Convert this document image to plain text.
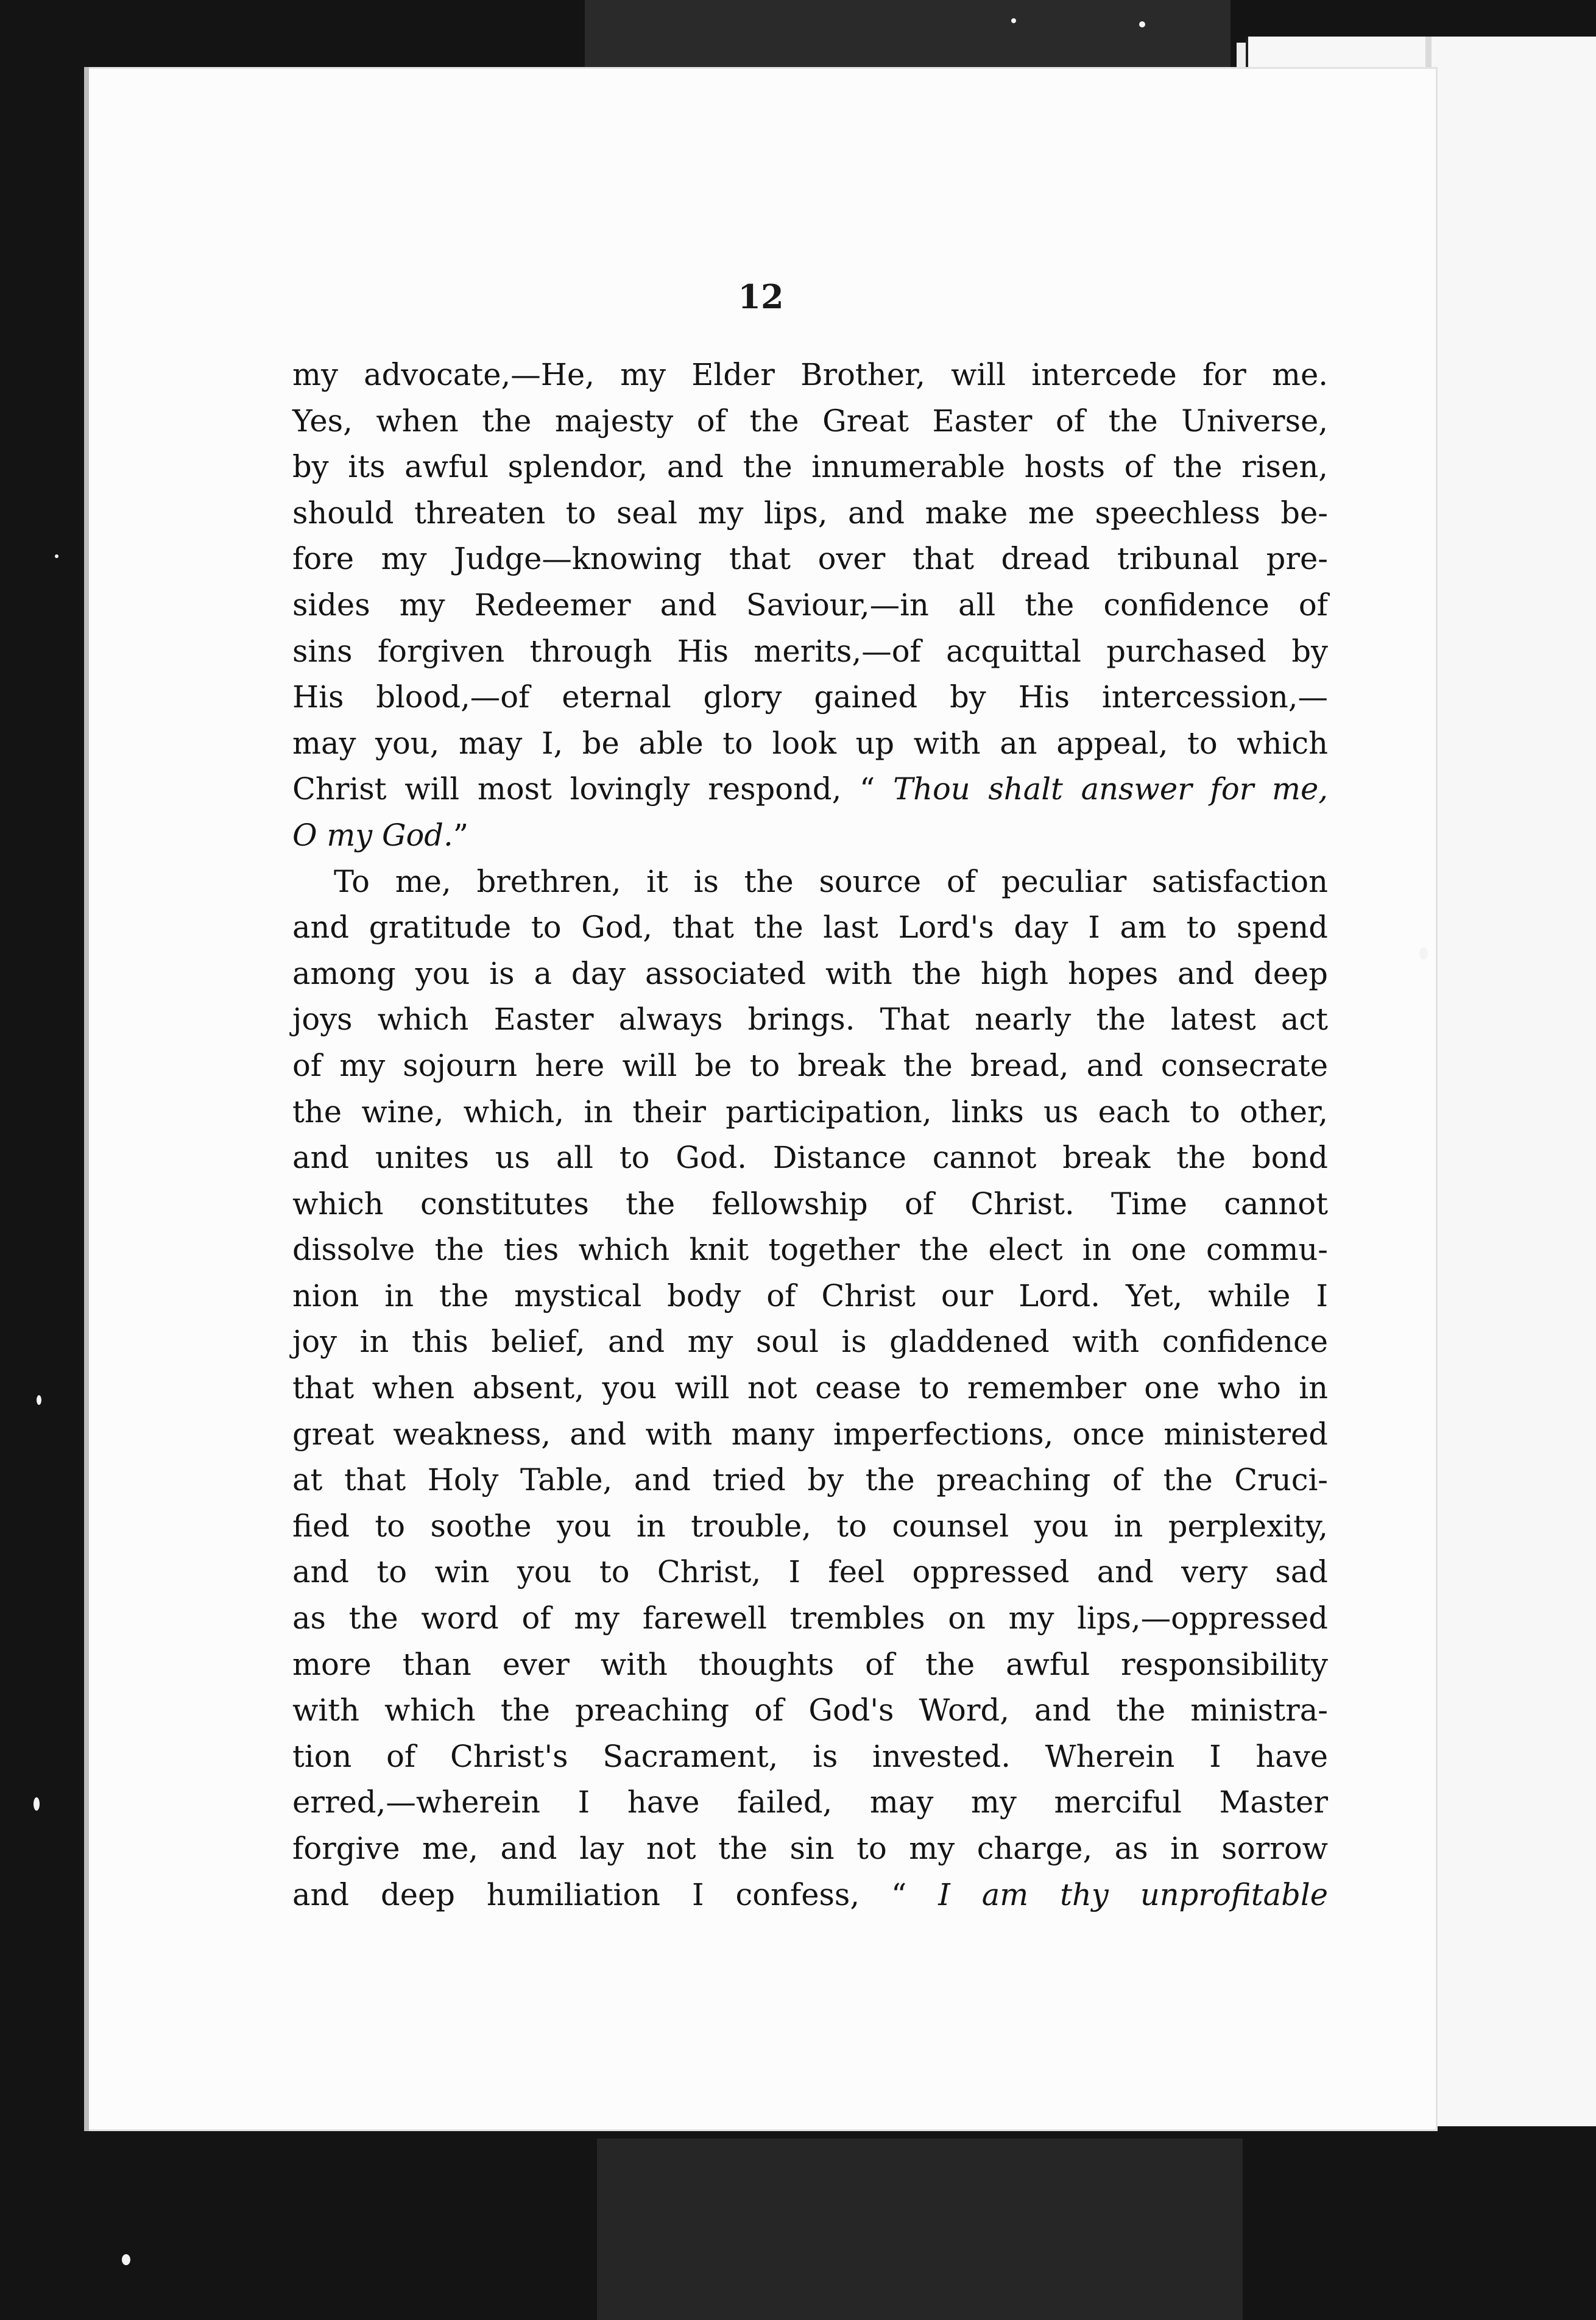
12
my advocate,—He, my Elder Brother, will intercede for me.
Yes, when the majesty of the Great Easter of the Universe,
by its awful splendor, and the innumerable hosts of the risen,
should threaten to seal my lips, and make me speechless be-
fore my Judge—knowing that over that dread tribunal pre-
sides my Redeemer and Saviour,—in all the confidence of
sins forgiven through His merits,—of acquittal purchased by
His blood,—of eternal glory gained by His intercession,—
may you, may I, be able to look up with an appeal, to which
Christ will most lovingly respond, “ Thou shalt answer for me,
O my God.”
To me, brethren, it is the source of peculiar satisfaction
and gratitude to God, that the last Lord's day I am to spend
among you is a day associated with the high hopes and deep
joys which Easter always brings. That nearly the latest act
of my sojourn here will be to break the bread, and consecrate
the wine, which, in their participation, links us each to other,
and unites us all to God. Distance cannot break the bond
which constitutes the fellowship of Christ. Time cannot
dissolve the ties which knit together the elect in one commu-
nion in the mystical body of Christ our Lord. Yet, while I
joy in this belief, and my soul is gladdened with confidence
that when absent, you will not cease to remember one who in
great weakness, and with many imperfections, once ministered
at that Holy Table, and tried by the preaching of the Cruci-
fied to soothe you in trouble, to counsel you in perplexity,
and to win you to Christ, I feel oppressed and very sad
as the word of my farewell trembles on my lips,—oppressed
more than ever with thoughts of the awful responsibility
with which the preaching of God's Word, and the ministra-
tion of Christ's Sacrament, is invested. Wherein I have
erred,—wherein I have failed, may my merciful Master
forgive me, and lay not the sin to my charge, as in sorrow
and deep humiliation I confess, “ I am thy unprofitable
